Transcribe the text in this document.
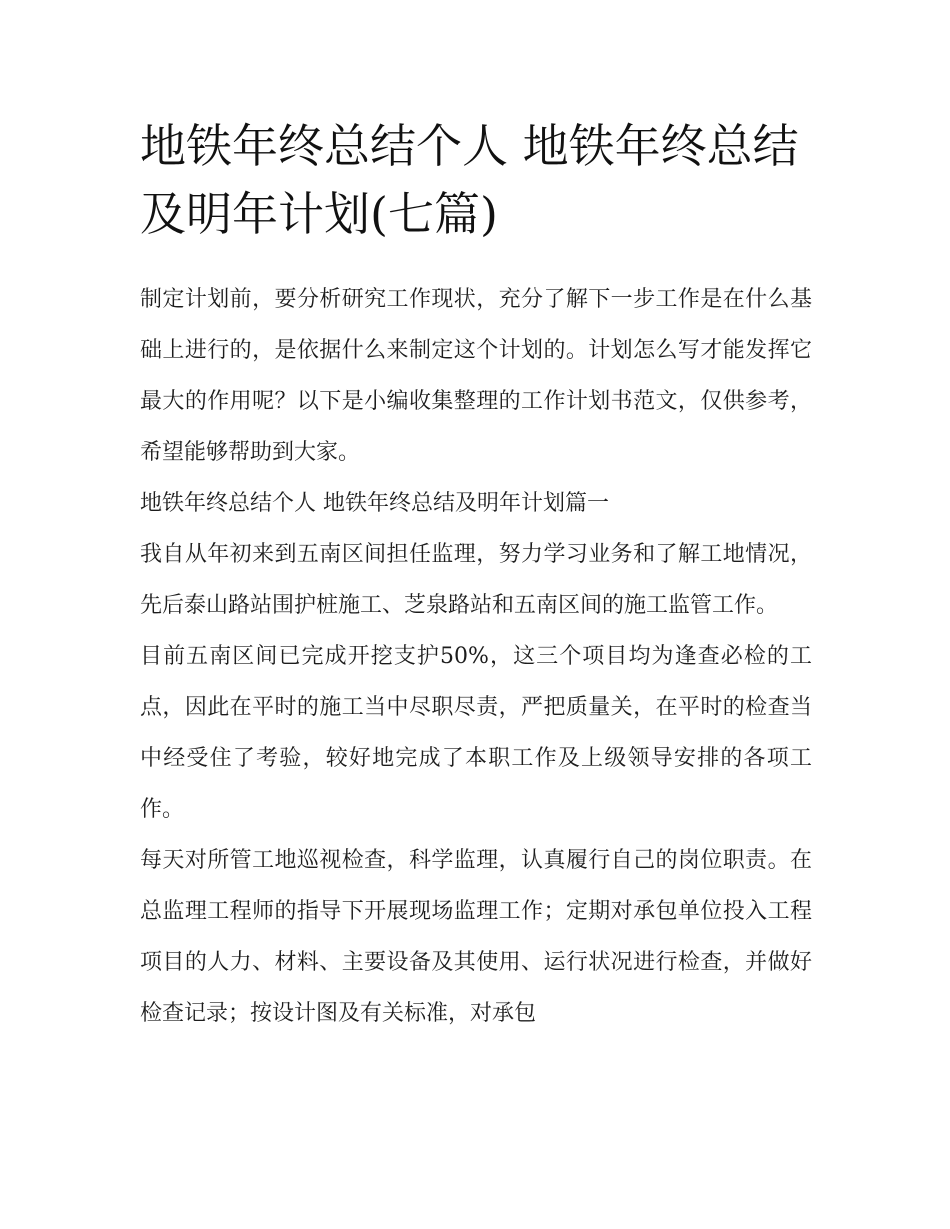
地铁年终总结个人 地铁年终总结及明年计划(七篇)

制定计划前，要分析研究工作现状，充分了解下一步工作是在什么基础上进行的，是依据什么来制定这个计划的。计划怎么写才能发挥它最大的作用呢？以下是小编收集整理的工作计划书范文，仅供参考，希望能够帮助到大家。

地铁年终总结个人 地铁年终总结及明年计划篇一

我自从年初来到五南区间担任监理，努力学习业务和了解工地情况，先后泰山路站围护桩施工、芝泉路站和五南区间的施工监管工作。

目前五南区间已完成开挖支护50%，这三个项目均为逢查必检的工点，因此在平时的施工当中尽职尽责，严把质量关，在平时的检查当中经受住了考验，较好地完成了本职工作及上级领导安排的各项工作。

每天对所管工地巡视检查，科学监理，认真履行自己的岗位职责。在总监理工程师的指导下开展现场监理工作；定期对承包单位投入工程项目的人力、材料、主要设备及其使用、运行状况进行检查，并做好检查记录；按设计图及有关标准，对承包
